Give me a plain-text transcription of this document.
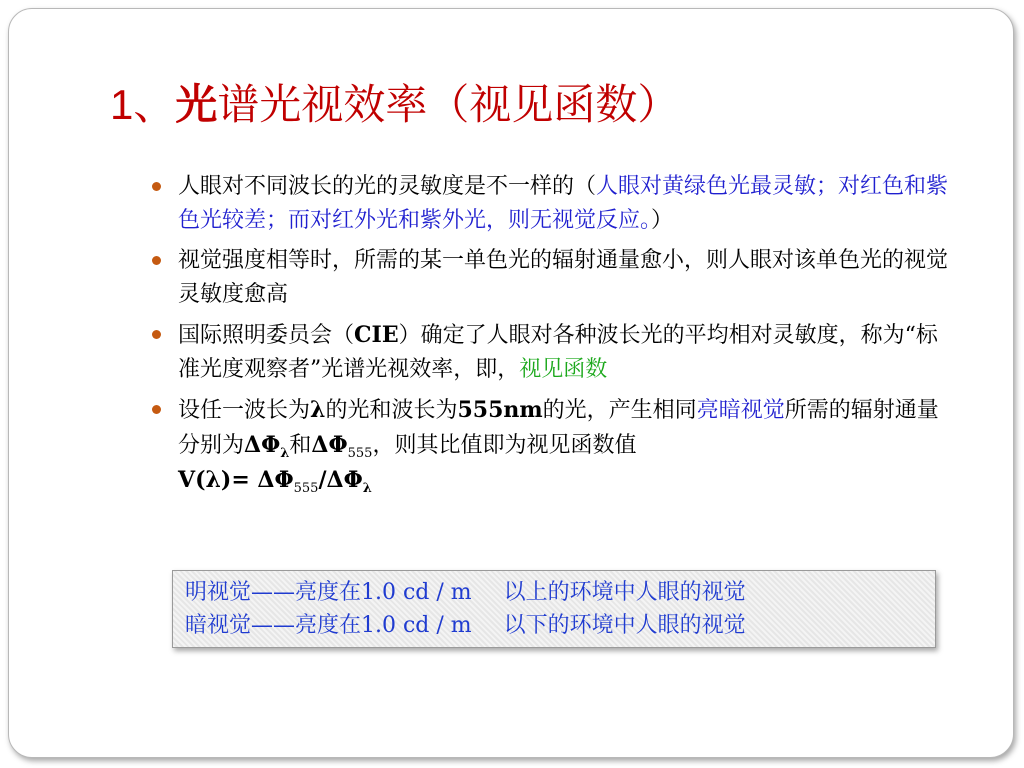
1、光谱光视效率（视见函数）
人眼对不同波长的光的灵敏度是不一样的（人眼对黄绿色光最灵敏；对红色和紫色光较差；而对红外光和紫外光，则无视觉反应。）
视觉强度相等时，所需的某一单色光的辐射通量愈小，则人眼对该单色光的视觉灵敏度愈高
国际照明委员会（CIE）确定了人眼对各种波长光的平均相对灵敏度，称为“标准光度观察者”光谱光视效率，即，视见函数
设任一波长为λ的光和波长为555nm的光，产生相同亮暗视觉所需的辐射通量分别为$\Delta\Phi_\lambda$和$\Delta\Phi_{555}$，则其比值即为视见函数值
$V(\lambda)= \Delta\Phi_{555}/\Delta\Phi_\lambda$
明视觉——亮度在1.0 cd / m 以上的环境中人眼的视觉
暗视觉——亮度在1.0 cd / m 以下的环境中人眼的视觉
